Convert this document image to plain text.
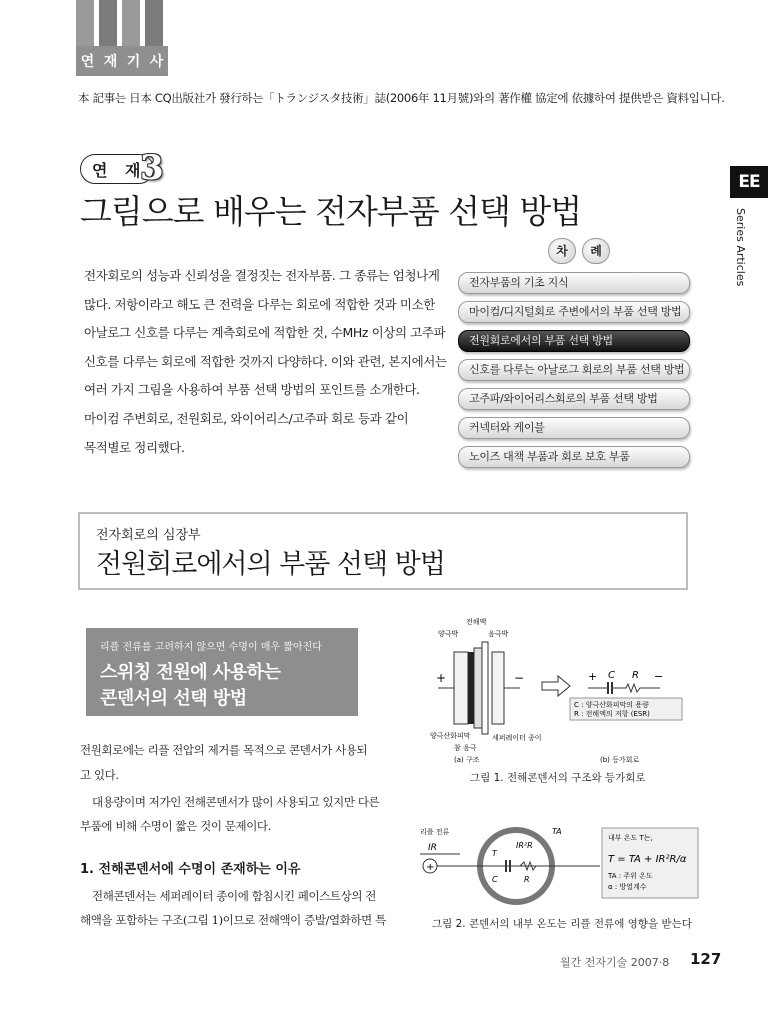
연 재 기 사
本 記事는 日本 CQ出版社가 發行하는「トランジスタ技術」誌(2006年 11月號)와의 著作權 協定에 依據하여 提供받은 資料입니다.
연 재
3
그림으로 배우는 전자부품 선택 방법
EE
Series Articles

전자회로의 성능과 신뢰성을 결정짓는 전자부품. 그 종류는 엄청나게

많다. 저항이라고 해도 큰 전력을 다루는 회로에 적합한 것과 미소한

아날로그 신호를 다루는 계측회로에 적합한 것, 수MHz 이상의 고주파

신호를 다루는 회로에 적합한 것까지 다양하다. 이와 관련, 본지에서는

여러 가지 그림을 사용하여 부품 선택 방법의 포인트를 소개한다.

마이컴 주변회로, 전원회로, 와이어리스/고주파 회로 등과 같이

목적별로 정리했다.

차	례
전자부품의 기초 지식
마이컴/디지털회로 주변에서의 부품 선택 방법
전원회로에서의 부품 선택 방법
신호를 다루는 아날로그 회로의 부품 선택 방법
고주파/와이어리스회로의 부품 선택 방법
커넥터와 케이블
노이즈 대책 부품과 회로 보호 부품
전자회로의 심장부
전원회로에서의 부품 선택 방법
리플 전류를 고려하지 않으면 수명이 매우 짧아진다
스위칭 전원에 사용하는
콘덴서의 선택 방법
전원회로에는 리플 전압의 제거를 목적으로 콘덴서가 사용되
고 있다.
대용량이며 저가인 전해콘덴서가 많이 사용되고 있지만 다른
부품에 비해 수명이 짧은 것이 문제이다.
1. 전해콘덴서에 수명이 존재하는 이유
전해콘덴서는 세퍼레이터 종이에 함침시킨 페이스트상의 전
해액을 포함하는 구조(그림 1)이므로 전해액이 증발/열화하면 특
+	−
전해액
양극박	음극박
양극산화피막	세퍼레이터 종이
참 음극
(a) 구조
+ C R −
C : 양극산화피막의 용량
R : 전해액의 저항 (ESR)
(b) 등가회로
그림 1. 전해콘덴서의 구조와 등가회로
리플 전류
IR
+
T
C	R
IR²R
TA
내부 온도 T는,
T = TA + IR²R/α
TA : 주위 온도
α : 방열계수
그림 2. 콘덴서의 내부 온도는 리플 전류에 영향을 받는다
월간 전자기술 2007·8 127
